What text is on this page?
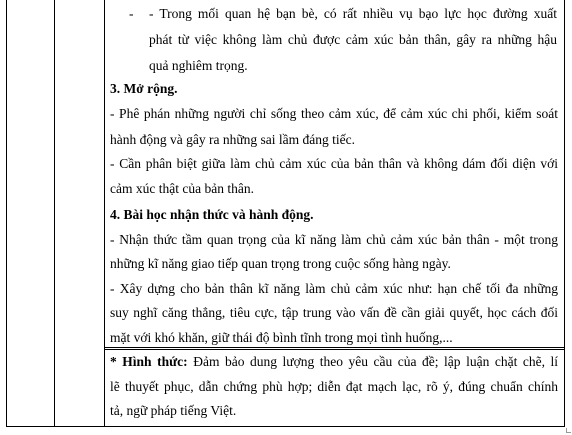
- - Trong mối quan hệ bạn bè, có rất nhiều vụ bạo lực học đường xuất
phát từ việc không làm chủ được cảm xúc bản thân, gây ra những hậu
quả nghiêm trọng.
3. Mở rộng.
- Phê phán những người chỉ sống theo cảm xúc, để cảm xúc chi phối, kiểm soát
hành động và gây ra những sai lầm đáng tiếc.
- Cần phân biệt giữa làm chủ cảm xúc của bản thân và không dám đối diện với
cảm xúc thật của bản thân.
4. Bài học nhận thức và hành động.
- Nhận thức tầm quan trọng của kĩ năng làm chủ cảm xúc bản thân - một trong
những kĩ năng giao tiếp quan trọng trong cuộc sống hàng ngày.
- Xây dựng cho bản thân kĩ năng làm chủ cảm xúc như: hạn chế tối đa những
suy nghĩ căng thẳng, tiêu cực, tập trung vào vấn đề cần giải quyết, học cách đối
mặt với khó khăn, giữ thái độ bình tĩnh trong mọi tình huống,...
* Hình thức: Đảm bảo dung lượng theo yêu cầu của đề; lập luận chặt chẽ, lí
lẽ thuyết phục, dẫn chứng phù hợp; diễn đạt mạch lạc, rõ ý, đúng chuẩn chính
tả, ngữ pháp tiếng Việt.
